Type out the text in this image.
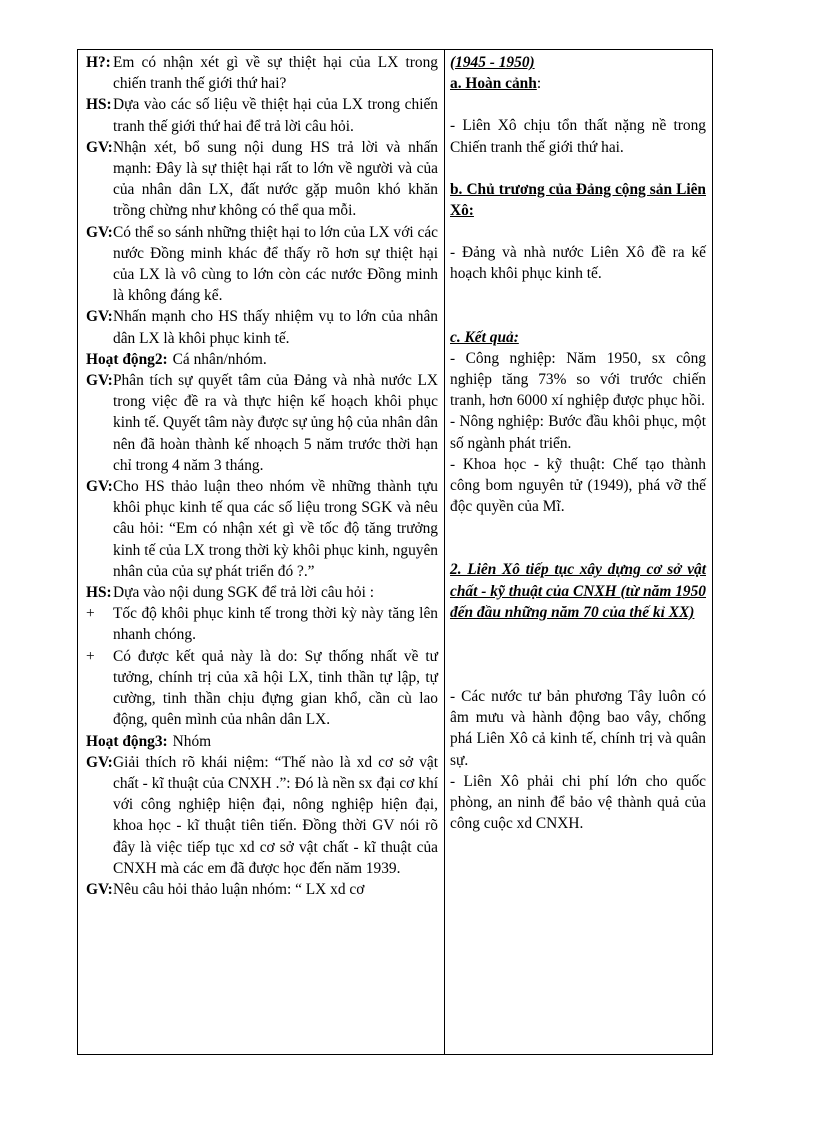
H?: Em có nhận xét gì về sự thiệt hại của LX trong chiến tranh thế giới thứ hai?
HS: Dựa vào các số liệu về thiệt hại của LX trong chiến tranh thế giới thứ hai để trả lời câu hỏi.
GV: Nhận xét, bổ sung nội dung HS trả lời và nhấn mạnh: Đây là sự thiệt hại rất to lớn về người và của của nhân dân LX, đất nước gặp muôn khó khăn trồng chừng như không có thể qua mỗi.
GV: Có thể so sánh những thiệt hại to lớn của LX với các nước Đồng minh khác để thấy rõ hơn sự thiệt hại của LX là vô cùng to lớn còn các nước Đồng minh là không đáng kể.
GV: Nhấn mạnh cho HS thấy nhiệm vụ to lớn của nhân dân LX là khôi phục kinh tế.
Hoạt động2: Cá nhân/nhóm.
GV: Phân tích sự quyết tâm của Đảng và nhà nước LX trong việc đề ra và thực hiện kế hoạch khôi phục kinh tế. Quyết tâm này được sự ủng hộ của nhân dân nên đã hoàn thành kế nhoạch 5 năm trước thời hạn chỉ trong 4 năm 3 tháng.
GV: Cho HS thảo luận theo nhóm về những thành tựu khôi phục kinh tế qua các số liệu trong SGK và nêu câu hỏi: “Em có nhận xét gì về tốc độ tăng trưởng kinh tế của LX trong thời kỳ khôi phục kinh, nguyên nhân của của sự phát triển đó ?.”
HS: Dựa vào nội dung SGK để trả lời câu hỏi :
+	Tốc độ khôi phục kinh tế trong thời kỳ này tăng lên nhanh chóng.
+	Có được kết quả này là do: Sự thống nhất về tư tưởng, chính trị của xã hội LX, tinh thần tự lập, tự cường, tinh thần chịu đựng gian khổ, cần cù lao động, quên mình của nhân dân LX.
Hoạt động3: Nhóm
GV: Giải thích rõ khái niệm: “Thế nào là xd cơ sở vật chất - kĩ thuật của CNXH .”: Đó là nền sx đại cơ khí với công nghiệp hiện đại, nông nghiệp hiện đại, khoa học - kĩ thuật tiên tiến. Đồng thời GV nói rõ đây là việc tiếp tục xd cơ sở vật chất - kĩ thuật của CNXH mà các em đã được học đến năm 1939.
GV: Nêu câu hỏi thảo luận nhóm: “ LX xd cơ
(1945 - 1950)
a. Hoàn cảnh:
- Liên Xô chịu tổn thất nặng nề trong Chiến tranh thế giới thứ hai.
b. Chủ trương của Đảng cộng sản Liên Xô:
- Đảng và nhà nước Liên Xô đề ra kế hoạch khôi phục kinh tế.
c. Kết quả:
- Công nghiệp: Năm 1950, sx công nghiệp tăng 73% so với trước chiến tranh, hơn 6000 xí nghiệp được phục hồi.
- Nông nghiệp: Bước đầu khôi phục, một số ngành phát triển.
- Khoa học - kỹ thuật: Chế tạo thành công bom nguyên tử (1949), phá vỡ thế độc quyền của Mĩ.
2. Liên Xô tiếp tục xây dựng cơ sở vật chất - kỹ thuật của CNXH (từ năm 1950 đến đầu những năm 70 của thế kỉ XX)
- Các nước tư bản phương Tây luôn có âm mưu và hành động bao vây, chống phá Liên Xô cả kinh tế, chính trị và quân sự.
- Liên Xô phải chi phí lớn cho quốc phòng, an ninh để bảo vệ thành quả của công cuộc xd CNXH.
